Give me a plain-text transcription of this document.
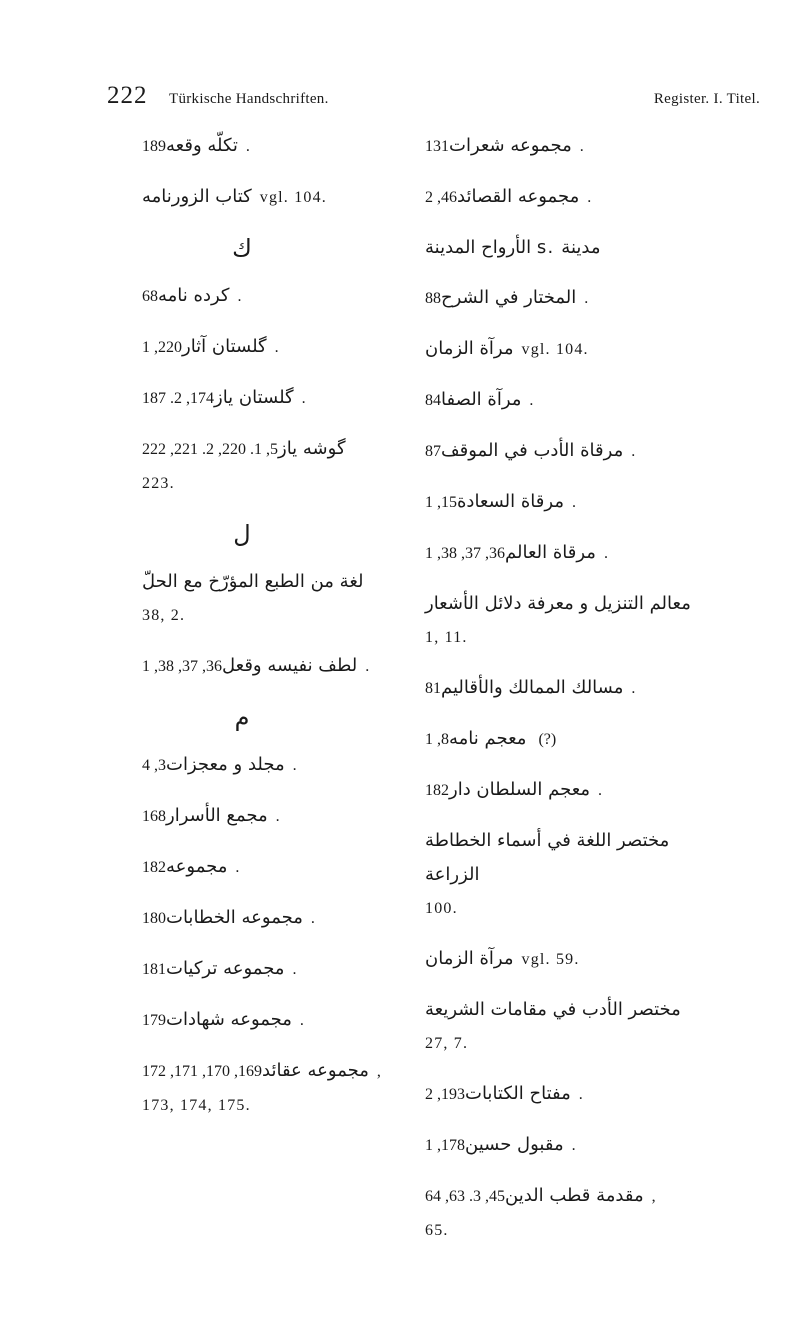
222 Türkische Handschriften.	Register. I. Titel.
تكلّه وقعه189.
كتاب الزورنامه vgl. 104.
ك
كرده نامه68.
گلستان آثار220, 1.
گلستان ياز174, 2. 187.
گوشه ياز5, 1. 220, 2. 221, 222
223.
ل
لغة من الطبع المؤرّخ مع الحلّ
38, 2.
لطف نفيسه وقعل36, 37, 38, 1.
م
مجلد و معجزات3, 4.
مجمع الأسرار168.
مجموعه182.
مجموعه الخطابات180.
مجموعه تركيات181.
مجموعه شهادات179.
مجموعه عقائد169, 170, 171, 172,
173, 174, 175.
مجموعه شعرات131.
مجموعه القصائد46, 2.
الأرواح المدينة s. مدينة
المختار في الشرح88.
مرآة الزمان vgl. 104.
مرآة الصفا84.
مرقاة الأدب في الموقف87.
مرقاة السعادة15, 1.
مرقاة العالم36, 37, 38, 1.
معالم التنزيل و معرفة دلائل الأشعار
1, 11.
مسالك الممالك والأقاليم81.
معجم نامه8, 1 (?)
معجم السلطان دار182.
مختصر اللغة في أسماء الخطاطة
الزراعة
100.
مرآة الزمان vgl. 59.
مختصر الأدب في مقامات الشريعة
27, 7.
مفتاح الكتابات193, 2.
مقبول حسين178, 1.
مقدمة قطب الدين45, 3. 63, 64,
65.
